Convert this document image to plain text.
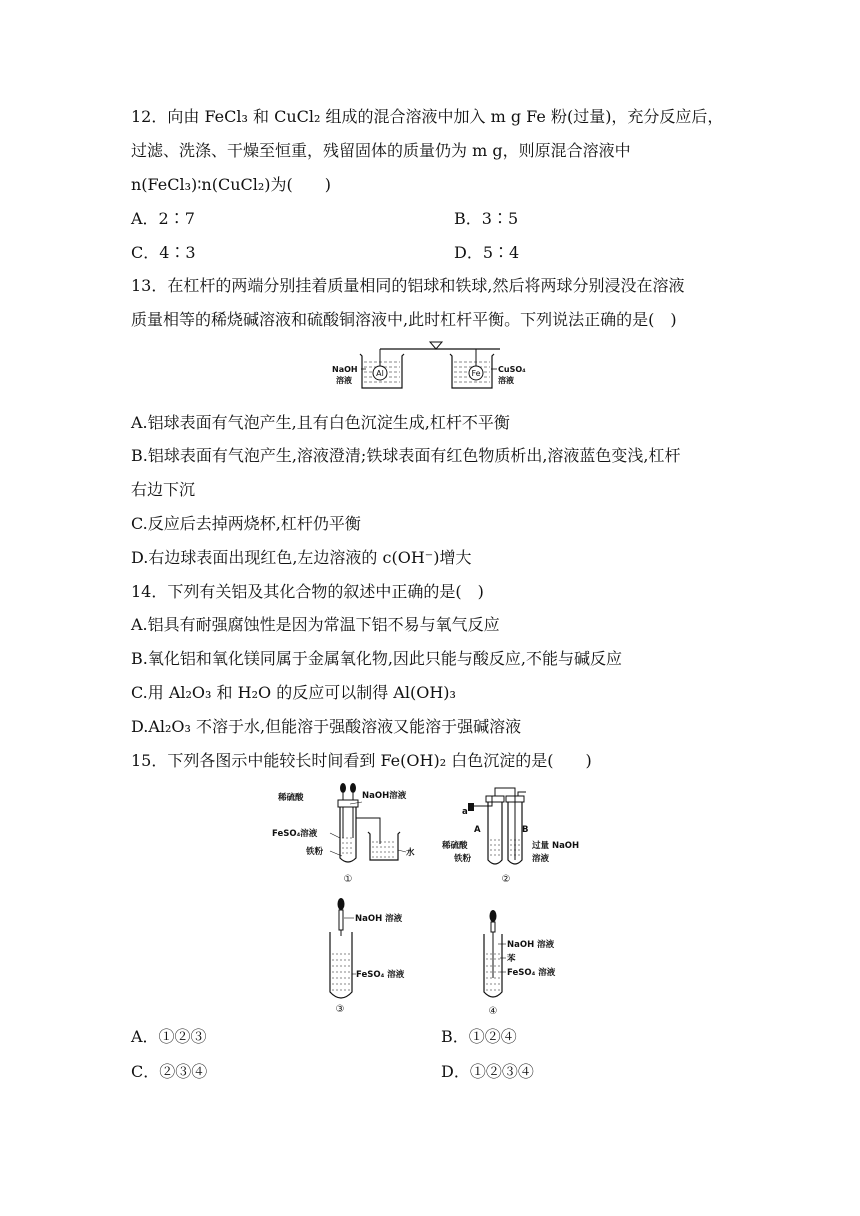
12．向由 FeCl₃ 和 CuCl₂ 组成的混合溶液中加入 m g Fe 粉(过量)，充分反应后，
过滤、洗涤、干燥至恒重，残留固体的质量仍为 m g，则原混合溶液中
n(FeCl₃)∶n(CuCl₂)为(　　)
A．2∶7	B．3∶5
C．4∶3	D．5∶4
13．在杠杆的两端分别挂着质量相同的铝球和铁球,然后将两球分别浸没在溶液
质量相等的稀烧碱溶液和硫酸铜溶液中,此时杠杆平衡。下列说法正确的是(　)
Al
NaOH
溶液
Fe CuSO₄
溶液
A.铝球表面有气泡产生,且有白色沉淀生成,杠杆不平衡
B.铝球表面有气泡产生,溶液澄清;铁球表面有红色物质析出,溶液蓝色变浅,杠杆
右边下沉
C.反应后去掉两烧杯,杠杆仍平衡
D.右边球表面出现红色,左边溶液的 c(OH⁻)增大
14．下列有关铝及其化合物的叙述中正确的是(　)
A.铝具有耐强腐蚀性是因为常温下铝不易与氧气反应
B.氧化铝和氧化镁同属于金属氧化物,因此只能与酸反应,不能与碱反应
C.用 Al₂O₃ 和 H₂O 的反应可以制得 Al(OH)₃
D.Al₂O₃ 不溶于水,但能溶于强酸溶液又能溶于强碱溶液
15．下列各图示中能较长时间看到 Fe(OH)₂ 白色沉淀的是(　　)
稀硫酸	NaOH溶液
FeSO₄溶液
铁粉	水
①
a
A	B
稀硫酸
铁粉
过量 NaOH
溶液
②
NaOH 溶液
FeSO₄ 溶液
③
NaOH 溶液
苯
FeSO₄ 溶液
④
A．①②③	B．①②④
C．②③④	D．①②③④
